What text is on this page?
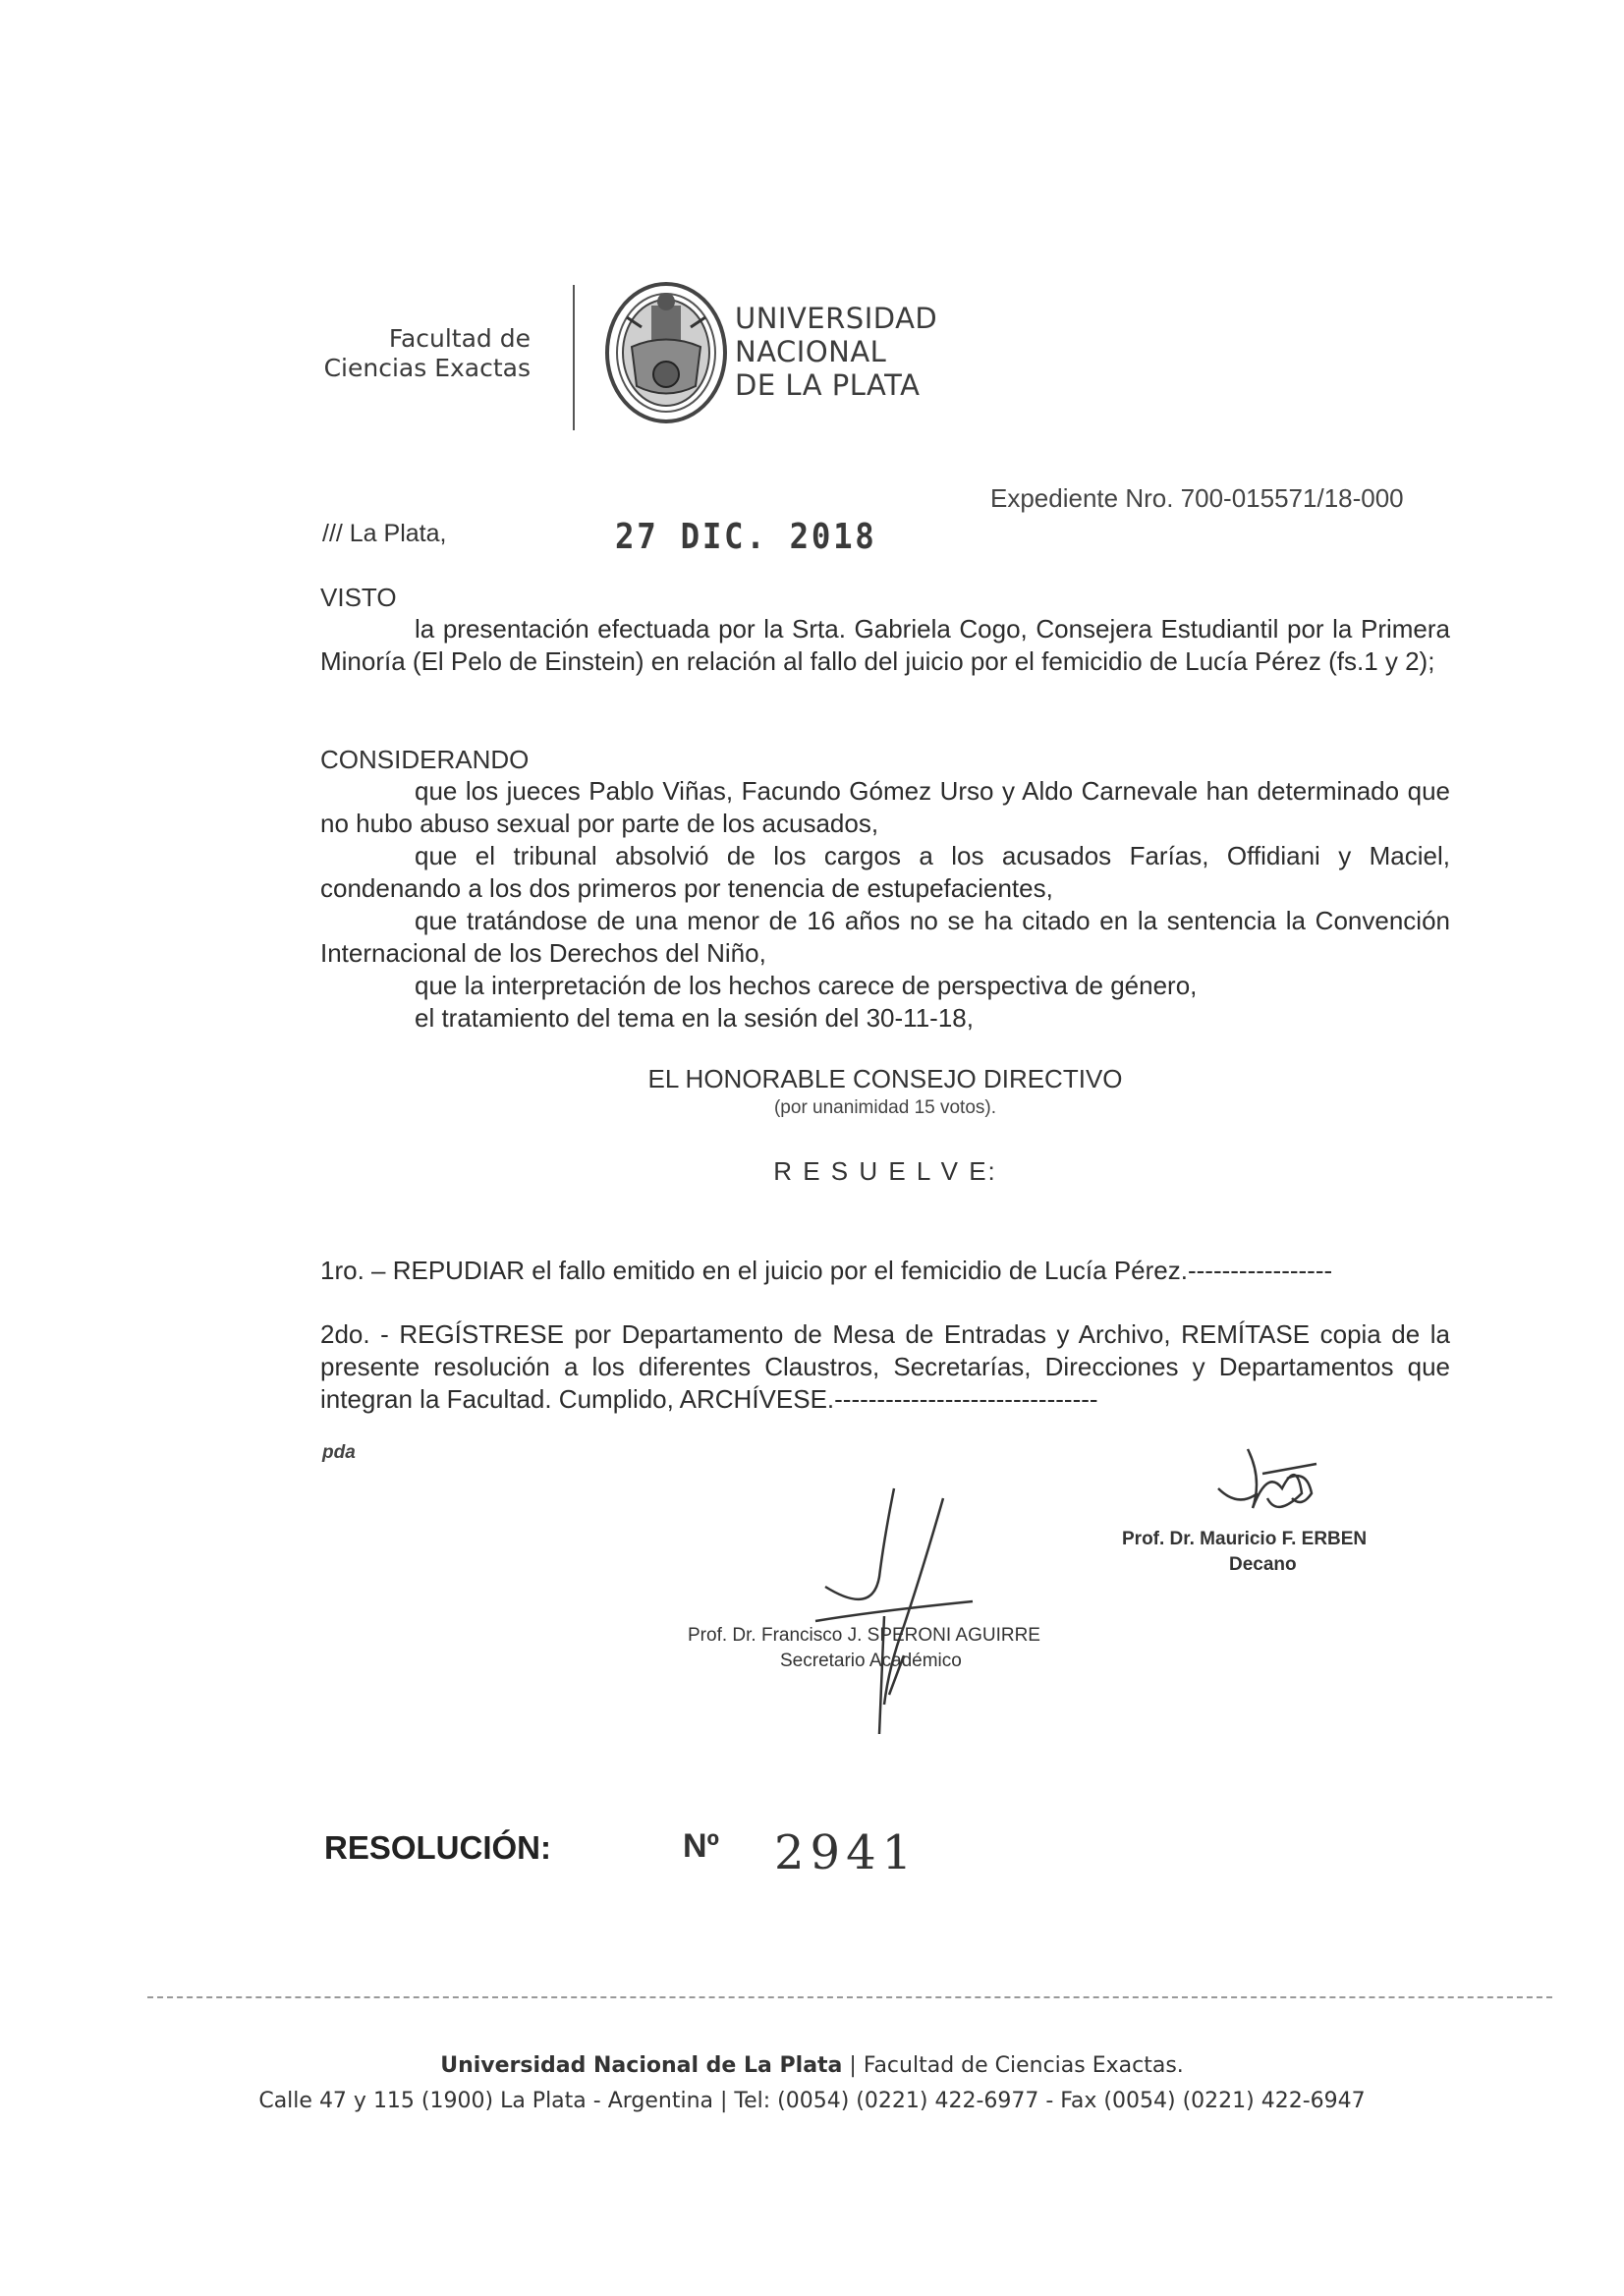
Facultad de
Ciencias Exactas
UNIVERSIDAD
NACIONAL
DE LA PLATA
Expediente Nro. 700-015571/18-000
/// La Plata,	27 DIC. 2018
VISTO
la presentación efectuada por la Srta. Gabriela Cogo, Consejera Estudiantil por la Primera Minoría (El Pelo de Einstein) en relación al fallo del juicio por el femicidio de Lucía Pérez (fs.1 y 2);
CONSIDERANDO
que los jueces Pablo Viñas, Facundo Gómez Urso y Aldo Carnevale han determinado que no hubo abuso sexual por parte de los acusados,
que el tribunal absolvió de los cargos a los acusados Farías, Offidiani y Maciel, condenando a los dos primeros por tenencia de estupefacientes,
que tratándose de una menor de 16 años no se ha citado en la sentencia la Convención Internacional de los Derechos del Niño,
que la interpretación de los hechos carece de perspectiva de género,
el tratamiento del tema en la sesión del 30-11-18,
EL HONORABLE CONSEJO DIRECTIVO
(por unanimidad 15 votos).
R E S U E L V E:
1ro. – REPUDIAR el fallo emitido en el juicio por el femicidio de Lucía Pérez.-----------------
2do. - REGÍSTRESE por Departamento de Mesa de Entradas y Archivo, REMÍTASE copia de la presente resolución a los diferentes Claustros, Secretarías, Direcciones y Departamentos que integran la Facultad. Cumplido, ARCHÍVESE.-------------------------------
pda
Prof. Dr. Mauricio F. ERBEN
Decano
Prof. Dr. Francisco J. SPERONI AGUIRRE
Secretario Académico
RESOLUCIÓN:	Nº 2941
Universidad Nacional de La Plata | Facultad de Ciencias Exactas.
Calle 47 y 115 (1900) La Plata - Argentina | Tel: (0054) (0221) 422-6977 - Fax (0054) (0221) 422-6947
